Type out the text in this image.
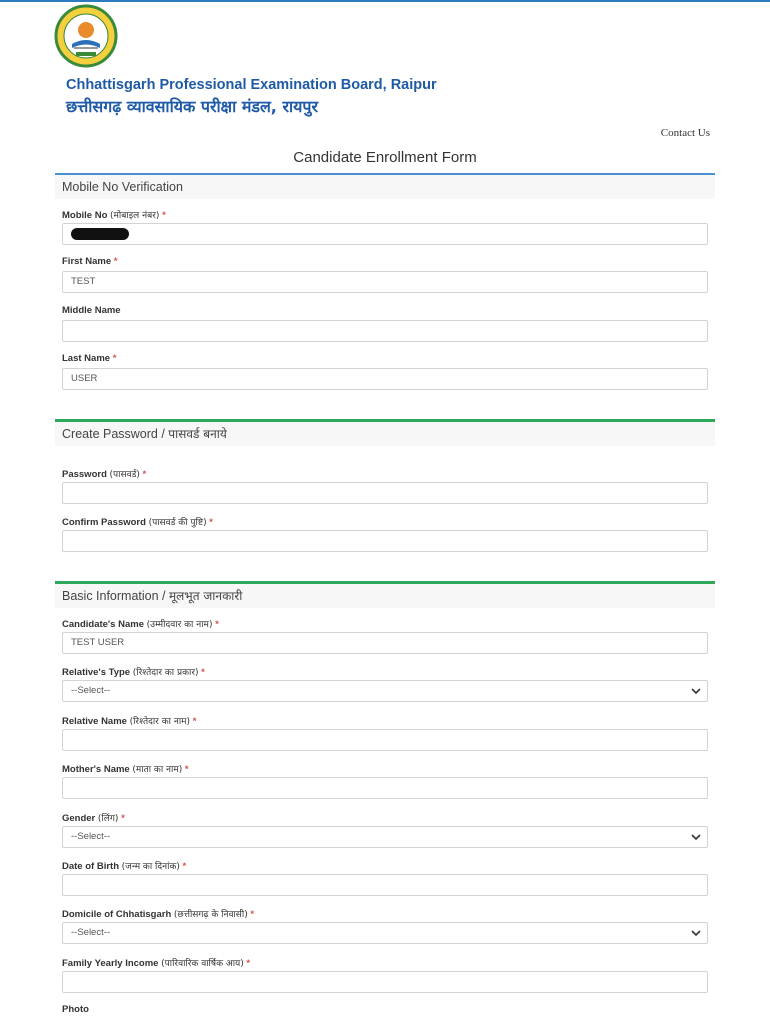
Chhattisgarh Professional Examination Board, Raipur
छत्तीसगढ़ व्यावसायिक परीक्षा मंडल, रायपुर
Contact Us
Candidate Enrollment Form
Mobile No Verification
Mobile No (मोबाइल नंबर) *
First Name *
TEST
Middle Name
Last Name *
USER
Create Password / पासवर्ड बनाये
Password (पासवर्ड) *
Confirm Password (पासवर्ड की पुष्टि) *
Basic Information / मूलभूत जानकारी
Candidate's Name (उम्मीदवार का नाम) *
TEST USER
Relative's Type (रिश्तेदार का प्रकार) *
--Select--
Relative Name (रिश्तेदार का नाम) *
Mother's Name (माता का नाम) *
Gender (लिंग) *
--Select--
Date of Birth (जन्म का दिनांक) *
Domicile of Chhatisgarh (छत्तीसगढ़ के निवासी) *
--Select--
Family Yearly Income (पारिवारिक वार्षिक आय) *
Photo
